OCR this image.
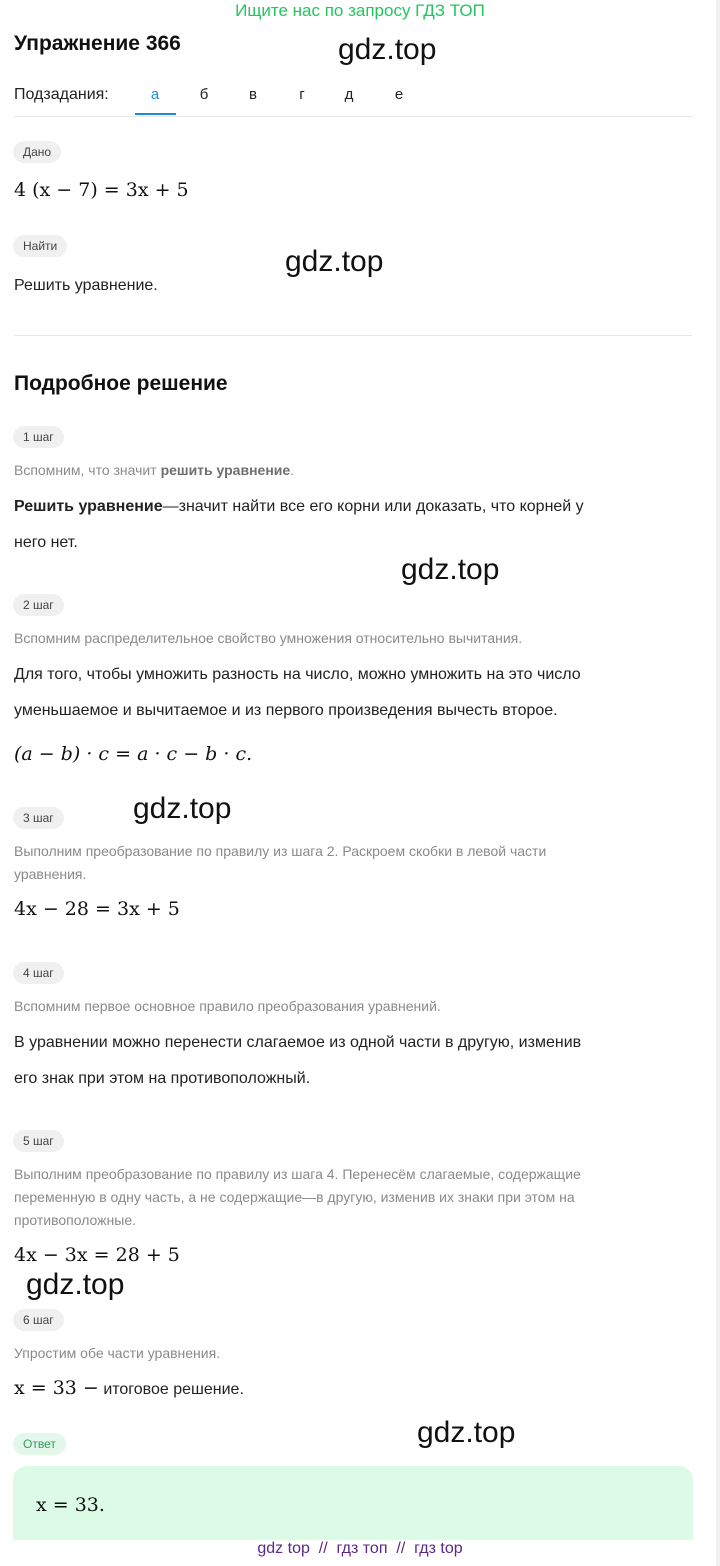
Ищите нас по запросу ГДЗ ТОП
Упражнение 366	gdz.top
Подзадания:	а	б	в	г	д	е
Дано
4 (x − 7) = 3x + 5
Найти	gdz.top
Решить уравнение.
Подробное решение
1 шаг
Вспомним, что значит решить уравнение.
Решить уравнение—значит найти все его корни или доказать, что корней у
него нет.
gdz.top
2 шаг
Вспомним распределительное свойство умножения относительно вычитания.
Для того, чтобы умножить разность на число, можно умножить на это число
уменьшаемое и вычитаемое и из первого произведения вычесть второе.
(a − b) · c = a · c − b · c.
gdz.top
3 шаг
Выполним преобразование по правилу из шага 2. Раскроем скобки в левой части
уравнения.
4x − 28 = 3x + 5
4 шаг
Вспомним первое основное правило преобразования уравнений.
В уравнении можно перенести слагаемое из одной части в другую, изменив
его знак при этом на противоположный.
5 шаг
Выполним преобразование по правилу из шага 4. Перенесём слагаемые, содержащие
переменную в одну часть, а не содержащие—в другую, изменив их знаки при этом на
противоположные.
4x − 3x = 28 + 5
gdz.top
6 шаг
Упростим обе части уравнения.
x = 33 − итоговое решение.
Ответ	gdz.top
x = 33.
gdz top  //  гдз топ  //  гдз top
